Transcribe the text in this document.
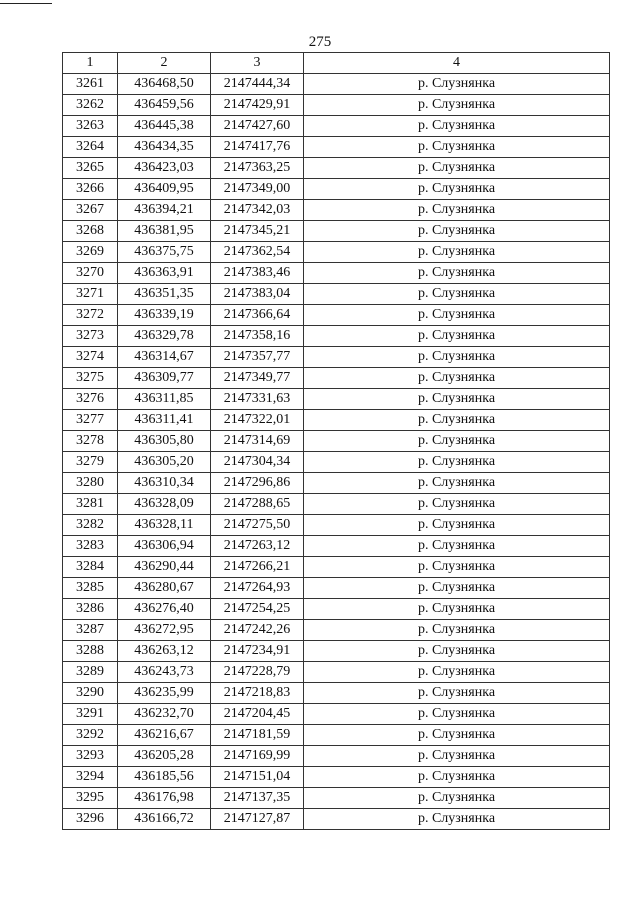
275
1	2	3	4
3261	436468,50	2147444,34	р. Слузнянка
3262	436459,56	2147429,91	р. Слузнянка
3263	436445,38	2147427,60	р. Слузнянка
3264	436434,35	2147417,76	р. Слузнянка
3265	436423,03	2147363,25	р. Слузнянка
3266	436409,95	2147349,00	р. Слузнянка
3267	436394,21	2147342,03	р. Слузнянка
3268	436381,95	2147345,21	р. Слузнянка
3269	436375,75	2147362,54	р. Слузнянка
3270	436363,91	2147383,46	р. Слузнянка
3271	436351,35	2147383,04	р. Слузнянка
3272	436339,19	2147366,64	р. Слузнянка
3273	436329,78	2147358,16	р. Слузнянка
3274	436314,67	2147357,77	р. Слузнянка
3275	436309,77	2147349,77	р. Слузнянка
3276	436311,85	2147331,63	р. Слузнянка
3277	436311,41	2147322,01	р. Слузнянка
3278	436305,80	2147314,69	р. Слузнянка
3279	436305,20	2147304,34	р. Слузнянка
3280	436310,34	2147296,86	р. Слузнянка
3281	436328,09	2147288,65	р. Слузнянка
3282	436328,11	2147275,50	р. Слузнянка
3283	436306,94	2147263,12	р. Слузнянка
3284	436290,44	2147266,21	р. Слузнянка
3285	436280,67	2147264,93	р. Слузнянка
3286	436276,40	2147254,25	р. Слузнянка
3287	436272,95	2147242,26	р. Слузнянка
3288	436263,12	2147234,91	р. Слузнянка
3289	436243,73	2147228,79	р. Слузнянка
3290	436235,99	2147218,83	р. Слузнянка
3291	436232,70	2147204,45	р. Слузнянка
3292	436216,67	2147181,59	р. Слузнянка
3293	436205,28	2147169,99	р. Слузнянка
3294	436185,56	2147151,04	р. Слузнянка
3295	436176,98	2147137,35	р. Слузнянка
3296	436166,72	2147127,87	р. Слузнянка
